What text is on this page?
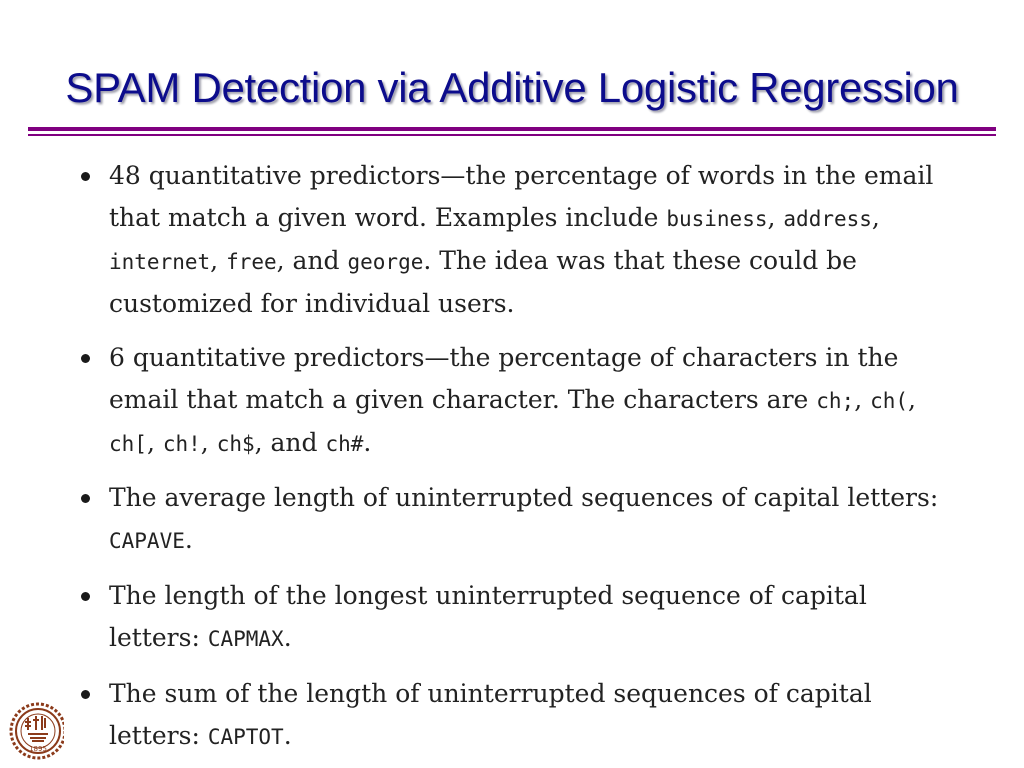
SPAM Detection via Additive Logistic Regression
48 quantitative predictors—the percentage of words in the email that match a given word. Examples include business, address, internet, free, and george. The idea was that these could be customized for individual users.
6 quantitative predictors—the percentage of characters in the email that match a given character. The characters are ch;, ch(, ch[, ch!, ch$, and ch#.
The average length of uninterrupted sequences of capital letters: CAPAVE.
The length of the longest uninterrupted sequence of capital letters: CAPMAX.
The sum of the length of uninterrupted sequences of capital letters: CAPTOT.
1895
